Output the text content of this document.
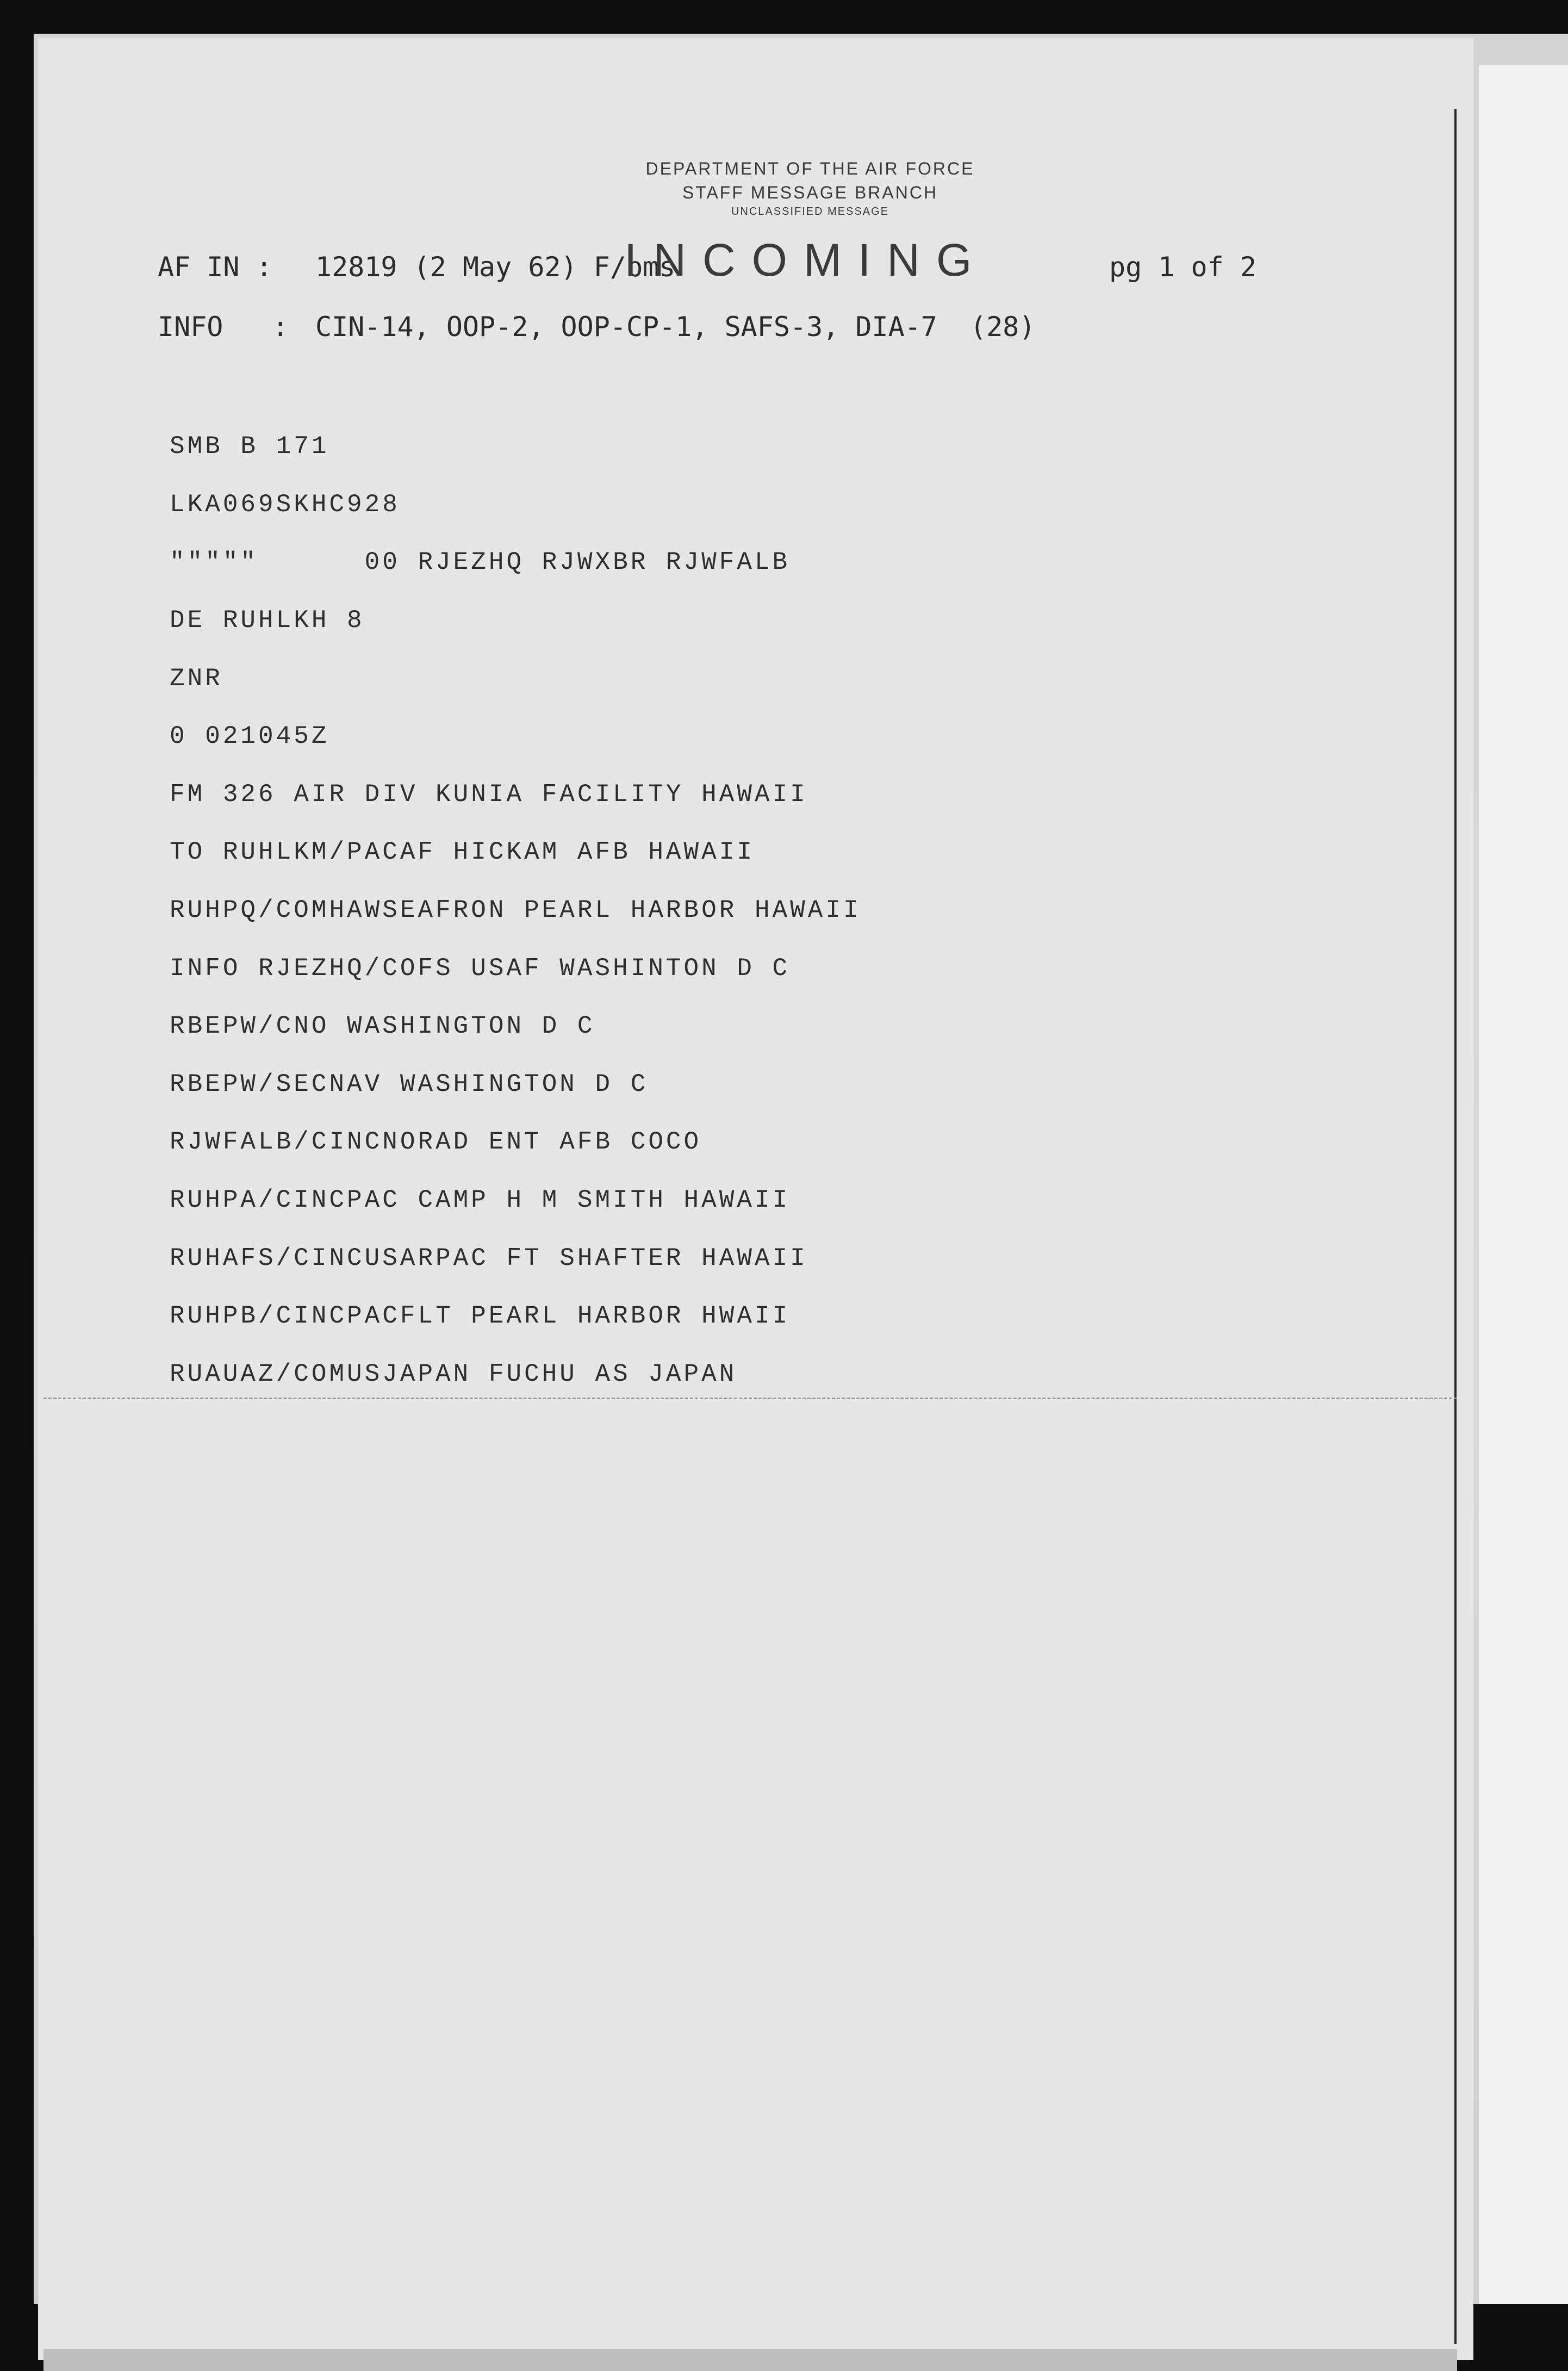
DEPARTMENT OF THE AIR FORCE
STAFF MESSAGE BRANCH
UNCLASSIFIED MESSAGE
AF IN : 12819 (2 May 62) F/bms
INCOMING	pg 1 of 2
INFO   : CIN-14, OOP-2, OOP-CP-1, SAFS-3, DIA-7  (28)
SMB B 171
LKA069SKHC928
"""""      00 RJEZHQ RJWXBR RJWFALB
DE RUHLKH 8
ZNR
0 021045Z
FM 326 AIR DIV KUNIA FACILITY HAWAII
TO RUHLKM/PACAF HICKAM AFB HAWAII
RUHPQ/COMHAWSEAFRON PEARL HARBOR HAWAII
INFO RJEZHQ/COFS USAF WASHINTON D C
RBEPW/CNO WASHINGTON D C
RBEPW/SECNAV WASHINGTON D C
RJWFALB/CINCNORAD ENT AFB COCO
RUHPA/CINCPAC CAMP H M SMITH HAWAII
RUHAFS/CINCUSARPAC FT SHAFTER HAWAII
RUHPB/CINCPACFLT PEARL HARBOR HWAII
RUAUAZ/COMUSJAPAN FUCHU AS JAPAN
